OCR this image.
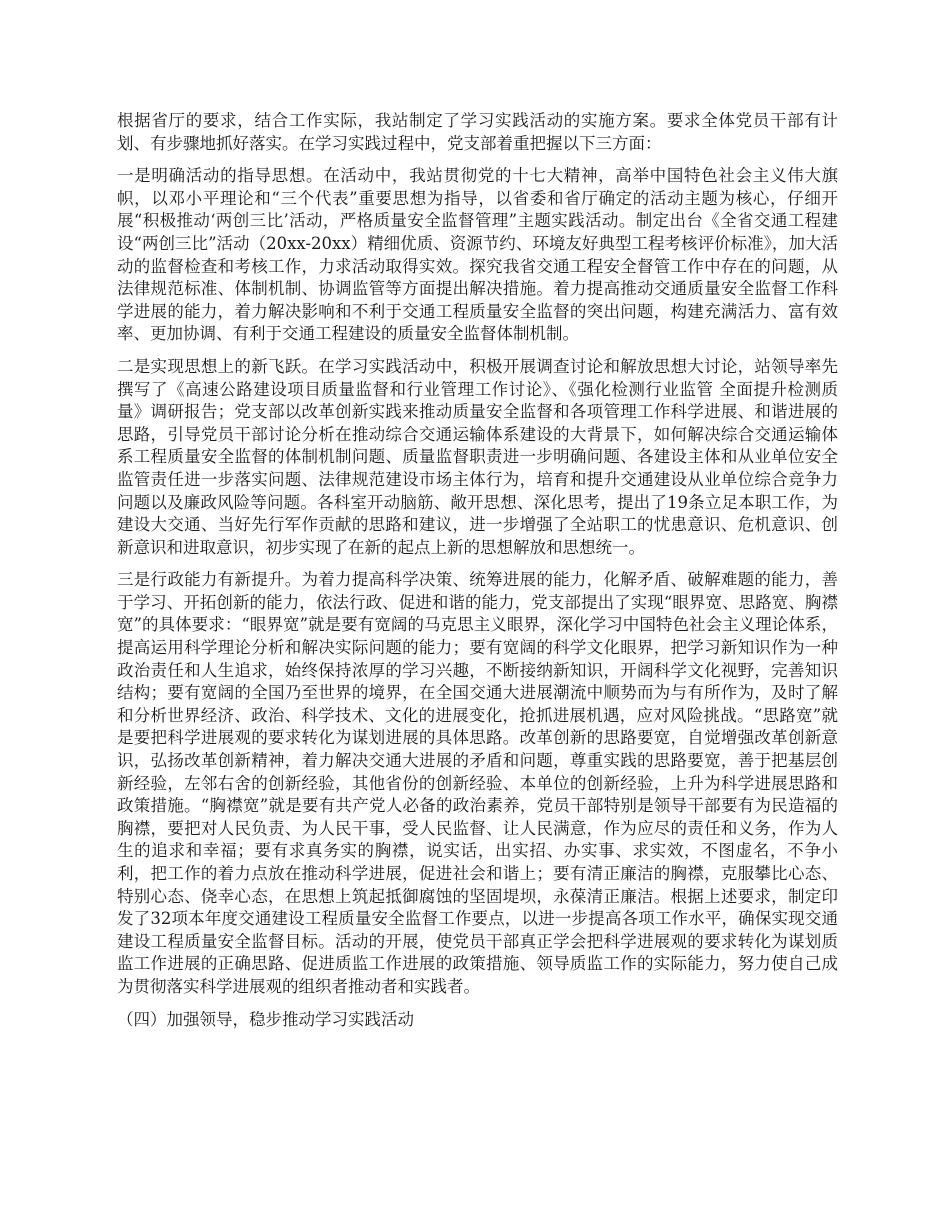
根据省厅的要求，结合工作实际，我站制定了学习实践活动的实施方案。要求全体党员干部有计划、有步骤地抓好落实。在学习实践过程中，党支部着重把握以下三方面：

一是明确活动的指导思想。在活动中，我站贯彻党的十七大精神，高举中国特色社会主义伟大旗帜，以邓小平理论和“三个代表”重要思想为指导，以省委和省厅确定的活动主题为核心，仔细开展“积极推动‘两创三比’活动，严格质量安全监督管理”主题实践活动。制定出台《全省交通工程建设“两创三比”活动（20xx-20xx）精细优质、资源节约、环境友好典型工程考核评价标准》，加大活动的监督检查和考核工作，力求活动取得实效。探究我省交通工程安全督管工作中存在的问题，从法律规范标准、体制机制、协调监管等方面提出解决措施。着力提高推动交通质量安全监督工作科学进展的能力，着力解决影响和不利于交通工程质量安全监督的突出问题，构建充满活力、富有效率、更加协调、有利于交通工程建设的质量安全监督体制机制。

二是实现思想上的新飞跃。在学习实践活动中，积极开展调查讨论和解放思想大讨论，站领导率先撰写了《高速公路建设项目质量监督和行业管理工作讨论》、《强化检测行业监管 全面提升检测质量》调研报告；党支部以改革创新实践来推动质量安全监督和各项管理工作科学进展、和谐进展的思路，引导党员干部讨论分析在推动综合交通运输体系建设的大背景下，如何解决综合交通运输体系工程质量安全监督的体制机制问题、质量监督职责进一步明确问题、各建设主体和从业单位安全监管责任进一步落实问题、法律规范建设市场主体行为，培育和提升交通建设从业单位综合竞争力问题以及廉政风险等问题。各科室开动脑筋、敞开思想、深化思考，提出了19条立足本职工作，为建设大交通、当好先行军作贡献的思路和建议，进一步增强了全站职工的忧患意识、危机意识、创新意识和进取意识，初步实现了在新的起点上新的思想解放和思想统一。

三是行政能力有新提升。为着力提高科学决策、统筹进展的能力，化解矛盾、破解难题的能力，善于学习、开拓创新的能力，依法行政、促进和谐的能力，党支部提出了实现“眼界宽、思路宽、胸襟宽”的具体要求：“眼界宽”就是要有宽阔的马克思主义眼界，深化学习中国特色社会主义理论体系，提高运用科学理论分析和解决实际问题的能力；要有宽阔的科学文化眼界，把学习新知识作为一种政治责任和人生追求，始终保持浓厚的学习兴趣，不断接纳新知识，开阔科学文化视野，完善知识结构；要有宽阔的全国乃至世界的境界，在全国交通大进展潮流中顺势而为与有所作为，及时了解和分析世界经济、政治、科学技术、文化的进展变化，抢抓进展机遇，应对风险挑战。“思路宽”就是要把科学进展观的要求转化为谋划进展的具体思路。改革创新的思路要宽，自觉增强改革创新意识，弘扬改革创新精神，着力解决交通大进展的矛盾和问题，尊重实践的思路要宽，善于把基层创新经验，左邻右舍的创新经验，其他省份的创新经验、本单位的创新经验，上升为科学进展思路和政策措施。“胸襟宽”就是要有共产党人必备的政治素养，党员干部特别是领导干部要有为民造福的胸襟，要把对人民负责、为人民干事，受人民监督、让人民满意，作为应尽的责任和义务，作为人生的追求和幸福；要有求真务实的胸襟，说实话，出实招、办实事、求实效，不图虚名，不争小利，把工作的着力点放在推动科学进展，促进社会和谐上；要有清正廉洁的胸襟，克服攀比心态、特别心态、侥幸心态，在思想上筑起抵御腐蚀的坚固堤坝，永葆清正廉洁。根据上述要求，制定印发了32项本年度交通建设工程质量安全监督工作要点，以进一步提高各项工作水平，确保实现交通建设工程质量安全监督目标。活动的开展，使党员干部真正学会把科学进展观的要求转化为谋划质监工作进展的正确思路、促进质监工作进展的政策措施、领导质监工作的实际能力，努力使自己成为贯彻落实科学进展观的组织者推动者和实践者。

（四）加强领导，稳步推动学习实践活动
